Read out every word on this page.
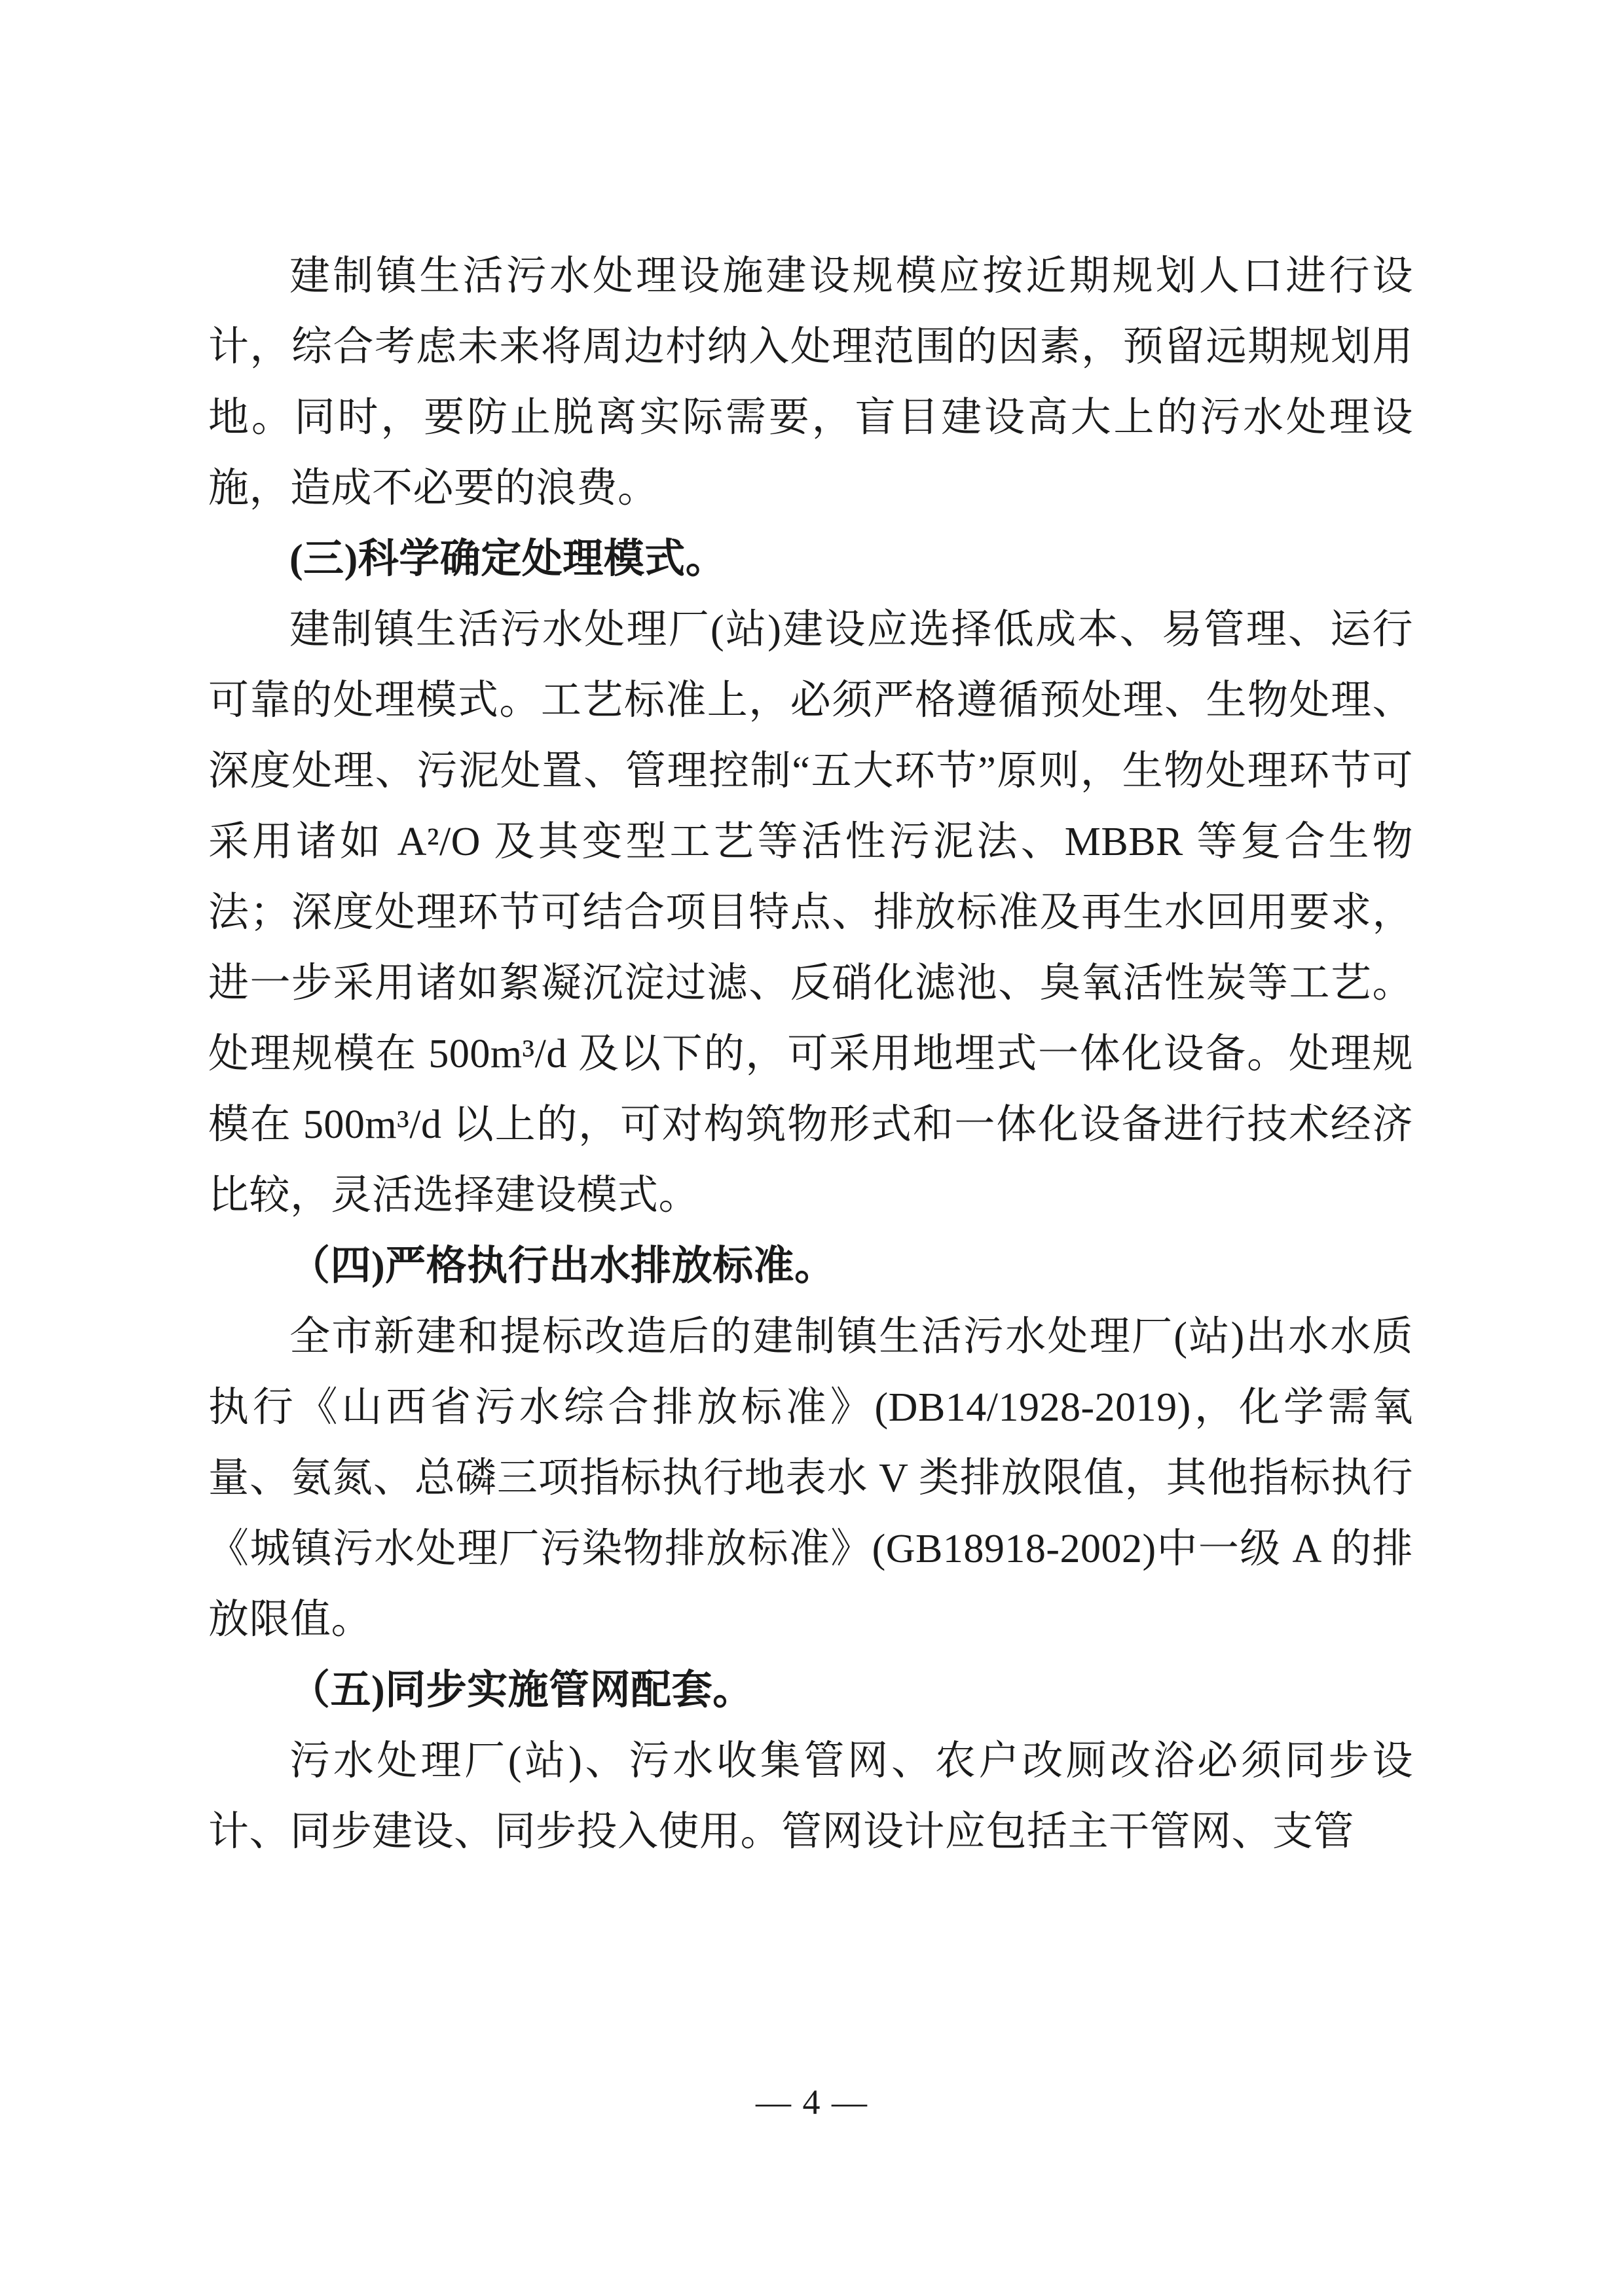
建制镇生活污水处理设施建设规模应按近期规划人口进行设计，综合考虑未来将周边村纳入处理范围的因素，预留远期规划用地。同时，要防止脱离实际需要，盲目建设高大上的污水处理设施，造成不必要的浪费。

(三)科学确定处理模式。

建制镇生活污水处理厂(站)建设应选择低成本、易管理、运行可靠的处理模式。工艺标准上，必须严格遵循预处理、生物处理、深度处理、污泥处置、管理控制“五大环节”原则，生物处理环节可采用诸如 A²/O 及其变型工艺等活性污泥法、MBBR 等复合生物法；深度处理环节可结合项目特点、排放标准及再生水回用要求，进一步采用诸如絮凝沉淀过滤、反硝化滤池、臭氧活性炭等工艺。处理规模在 500m³/d 及以下的，可采用地埋式一体化设备。处理规模在 500m³/d 以上的，可对构筑物形式和一体化设备进行技术经济比较，灵活选择建设模式。

（四)严格执行出水排放标准。

全市新建和提标改造后的建制镇生活污水处理厂(站)出水水质执行《山西省污水综合排放标准》(DB14/1928-2019)，化学需氧量、氨氮、总磷三项指标执行地表水 V 类排放限值，其他指标执行《城镇污水处理厂污染物排放标准》(GB18918-2002)中一级 A 的排放限值。

（五)同步实施管网配套。

污水处理厂(站)、污水收集管网、农户改厕改浴必须同步设计、同步建设、同步投入使用。管网设计应包括主干管网、支管

— 4 —
